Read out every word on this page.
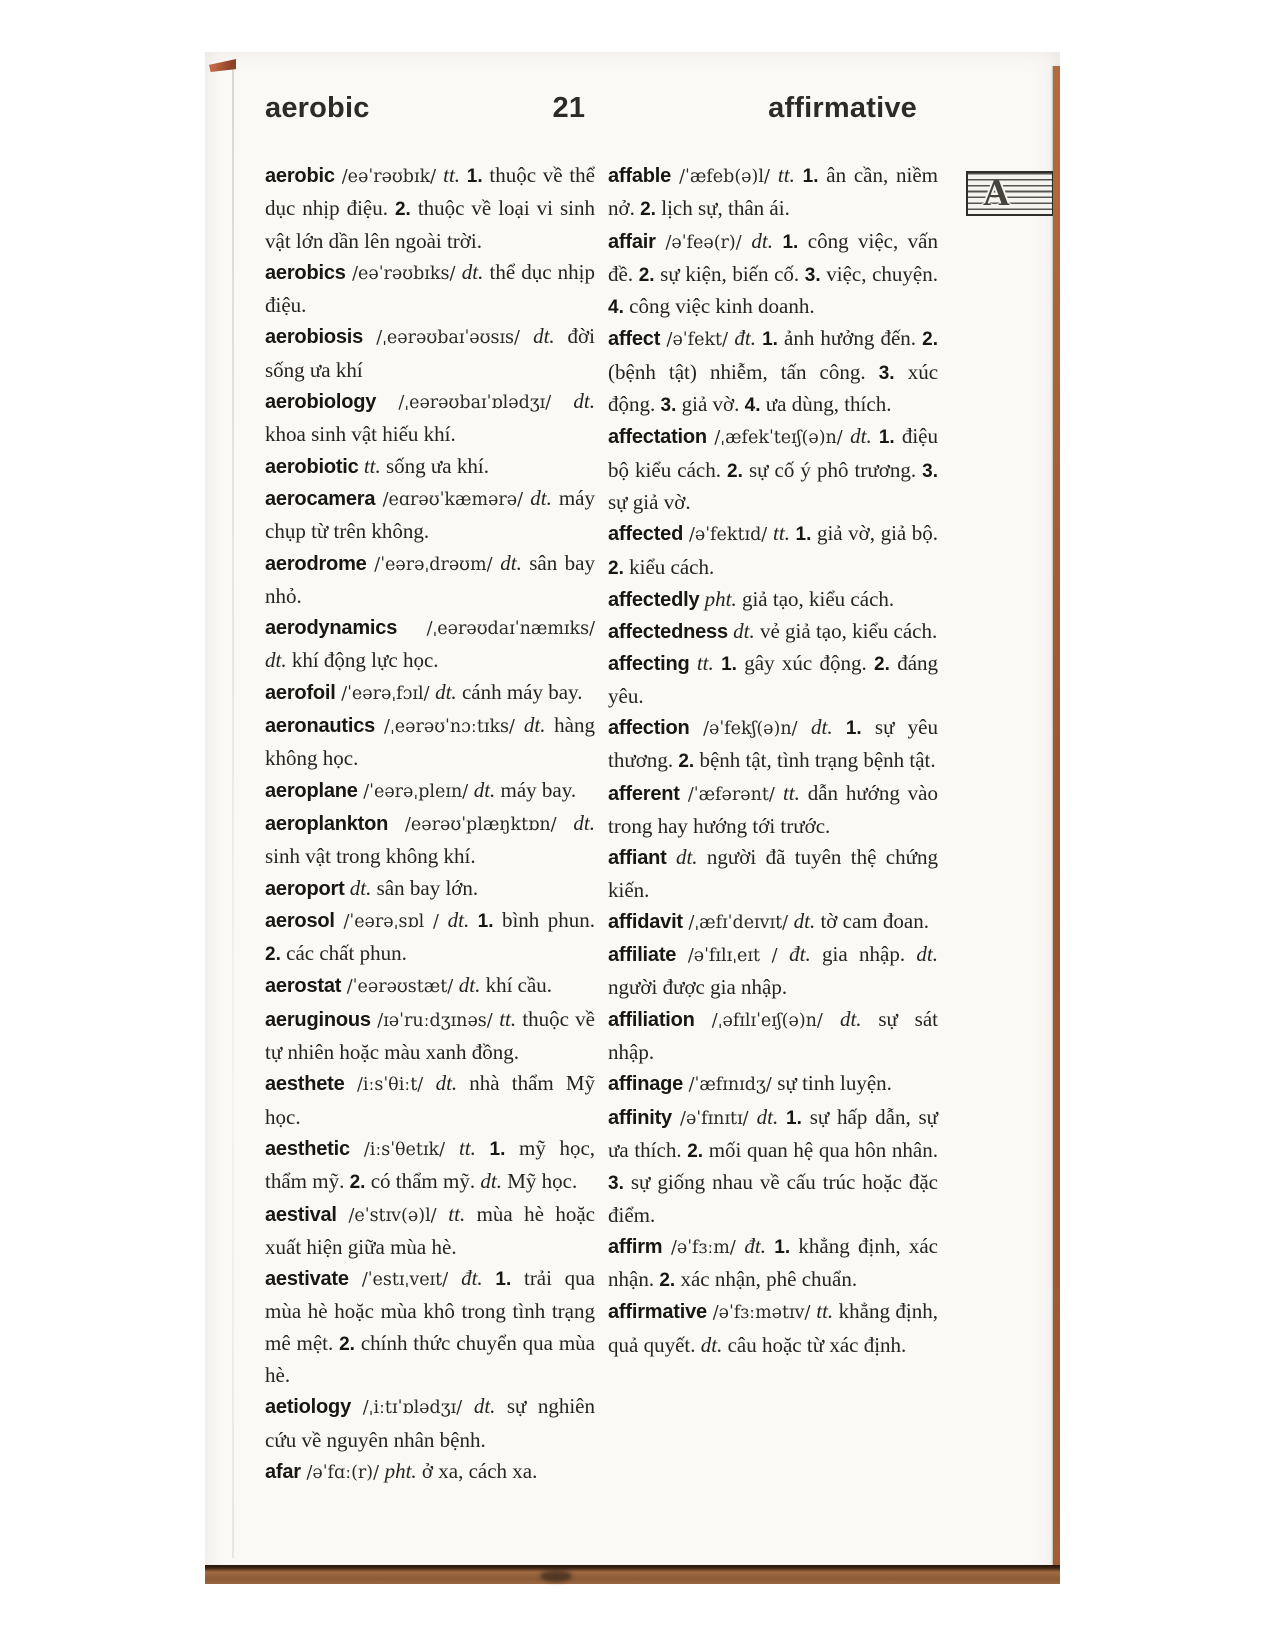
aerobic	21	affirmative
A

aerobic /eəˈrəʊbɪk/ tt. 1. thuộc về thể dục nhịp điệu. 2. thuộc về loại vi sinh vật lớn dần lên ngoài trời.

aerobics /eəˈrəʊbɪks/ dt. thể dục nhịp điệu.

aerobiosis /ˌeərəʊbaɪˈəʊsɪs/ dt. đời sống ưa khí

aerobiology /ˌeərəʊbaɪˈɒlədʒɪ/ dt. khoa sinh vật hiếu khí.

aerobiotic tt. sống ưa khí.

aerocamera /eɑrəʊˈkæmərə/ dt. máy chụp từ trên không.

aerodrome /ˈeərəˌdrəʊm/ dt. sân bay nhỏ.

aerodynamics /ˌeərəʊdaɪˈnæmɪks/ dt. khí động lực học.

aerofoil /ˈeərəˌfɔɪl/ dt. cánh máy bay.

aeronautics /ˌeərəʊˈnɔːtɪks/ dt. hàng không học.

aeroplane /ˈeərəˌpleɪn/ dt. máy bay.

aeroplankton /eərəʊˈplæŋktɒn/ dt. sinh vật trong không khí.

aeroport dt. sân bay lớn.

aerosol /ˈeərəˌsɒl / dt. 1. bình phun. 2. các chất phun.

aerostat /ˈeərəʊstæt/ dt. khí cầu.

aeruginous /ɪəˈruːdʒɪnəs/ tt. thuộc về tự nhiên hoặc màu xanh đồng.

aesthete /iːsˈθiːt/ dt. nhà thẩm Mỹ học.

aesthetic /iːsˈθetɪk/ tt. 1. mỹ học, thẩm mỹ. 2. có thẩm mỹ. dt. Mỹ học.

aestival /eˈstɪv(ə)l/ tt. mùa hè hoặc xuất hiện giữa mùa hè.

aestivate /ˈestɪˌveɪt/ đt. 1. trải qua mùa hè hoặc mùa khô trong tình trạng mê mệt. 2. chính thức chuyển qua mùa hè.

aetiology /ˌiːtɪˈɒlədʒɪ/ dt. sự nghiên cứu về nguyên nhân bệnh.

afar /əˈfɑː(r)/ pht. ở xa, cách xa.

affable /ˈæfeb(ə)l/ tt. 1. ân cần, niềm nở. 2. lịch sự, thân ái.

affair /əˈfeə(r)/ dt. 1. công việc, vấn đề. 2. sự kiện, biến cố. 3. việc, chuyện. 4. công việc kinh doanh.

affect /əˈfekt/ đt. 1. ảnh hưởng đến. 2. (bệnh tật) nhiễm, tấn công. 3. xúc động. 3. giả vờ. 4. ưa dùng, thích.

affectation /ˌæfekˈteɪʃ(ə)n/ dt. 1. điệu bộ kiểu cách. 2. sự cố ý phô trương. 3. sự giả vờ.

affected /əˈfektɪd/ tt. 1. giả vờ, giả bộ. 2. kiểu cách.

affectedly pht. giả tạo, kiểu cách.

affectedness dt. vẻ giả tạo, kiểu cách.

affecting tt. 1. gây xúc động. 2. đáng yêu.

affection /əˈfekʃ(ə)n/ dt. 1. sự yêu thương. 2. bệnh tật, tình trạng bệnh tật.

afferent /ˈæfərənt/ tt. dẫn hướng vào trong hay hướng tới trước.

affiant dt. người đã tuyên thệ chứng kiến.

affidavit /ˌæfɪˈdeɪvɪt/ dt. tờ cam đoan.

affiliate /əˈfɪlɪˌeɪt / đt. gia nhập. dt. người được gia nhập.

affiliation /ˌəfɪlɪˈeɪʃ(ə)n/ dt. sự sát nhập.

affinage /ˈæfɪnɪdʒ/ sự tinh luyện.

affinity /əˈfɪnɪtɪ/ dt. 1. sự hấp dẫn, sự ưa thích. 2. mối quan hệ qua hôn nhân. 3. sự giống nhau về cấu trúc hoặc đặc điểm.

affirm /əˈfɜːm/ đt. 1. khẳng định, xác nhận. 2. xác nhận, phê chuẩn.

affirmative /əˈfɜːmətɪv/ tt. khẳng định, quả quyết. dt. câu hoặc từ xác định.
